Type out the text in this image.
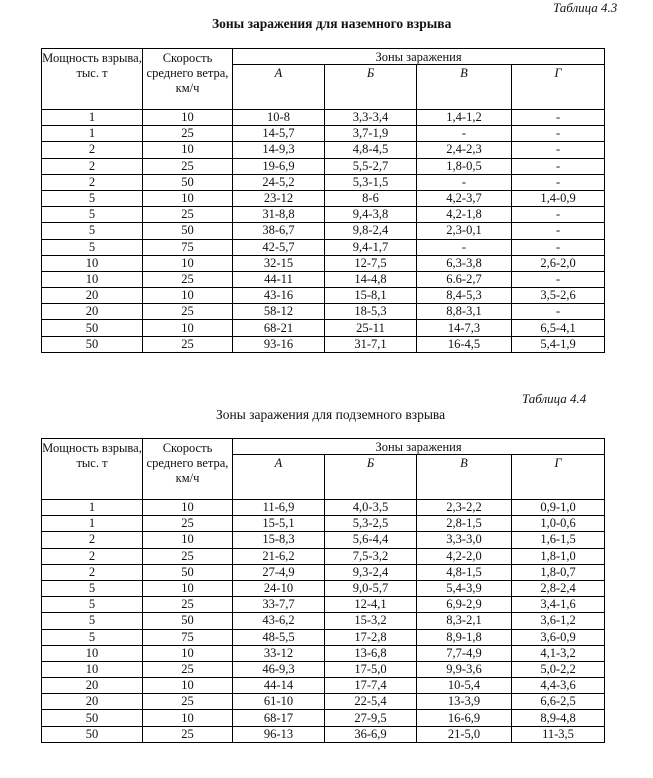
Таблица 4.3
Зоны заражения для наземного взрыва
Мощность взрыва, тыс. т	Скорость среднего ветра, км/ч	Зоны заражения			
		А	Б	В	Г
1	10	10-8	3,3-3,4	1,4-1,2	-
1	25	14-5,7	3,7-1,9	-	-
2	10	14-9,3	4,8-4,5	2,4-2,3	-
2	25	19-6,9	5,5-2,7	1,8-0,5	-
2	50	24-5,2	5,3-1,5	-	-
5	10	23-12	8-6	4,2-3,7	1,4-0,9
5	25	31-8,8	9,4-3,8	4,2-1,8	-
5	50	38-6,7	9,8-2,4	2,3-0,1	-
5	75	42-5,7	9,4-1,7	-	-
10	10	32-15	12-7,5	6,3-3,8	2,6-2,0
10	25	44-11	14-4,8	6.6-2,7	-
20	10	43-16	15-8,1	8,4-5,3	3,5-2,6
20	25	58-12	18-5,3	8,8-3,1	-
50	10	68-21	25-11	14-7,3	6,5-4,1
50	25	93-16	31-7,1	16-4,5	5,4-1,9
Таблица 4.4
Зоны заражения для подземного взрыва
Мощность взрыва, тыс. т	Скорость среднего ветра, км/ч	Зоны заражения			
		А	Б	В	Г
1	10	11-6,9	4,0-3,5	2,3-2,2	0,9-1,0
1	25	15-5,1	5,3-2,5	2,8-1,5	1,0-0,6
2	10	15-8,3	5,6-4,4	3,3-3,0	1,6-1,5
2	25	21-6,2	7,5-3,2	4,2-2,0	1,8-1,0
2	50	27-4,9	9,3-2,4	4,8-1,5	1,8-0,7
5	10	24-10	9,0-5,7	5,4-3,9	2,8-2,4
5	25	33-7,7	12-4,1	6,9-2,9	3,4-1,6
5	50	43-6,2	15-3,2	8,3-2,1	3,6-1,2
5	75	48-5,5	17-2,8	8,9-1,8	3,6-0,9
10	10	33-12	13-6,8	7,7-4,9	4,1-3,2
10	25	46-9,3	17-5,0	9,9-3,6	5,0-2,2
20	10	44-14	17-7,4	10-5,4	4,4-3,6
20	25	61-10	22-5,4	13-3,9	6,6-2,5
50	10	68-17	27-9,5	16-6,9	8,9-4,8
50	25	96-13	36-6,9	21-5,0	11-3,5
